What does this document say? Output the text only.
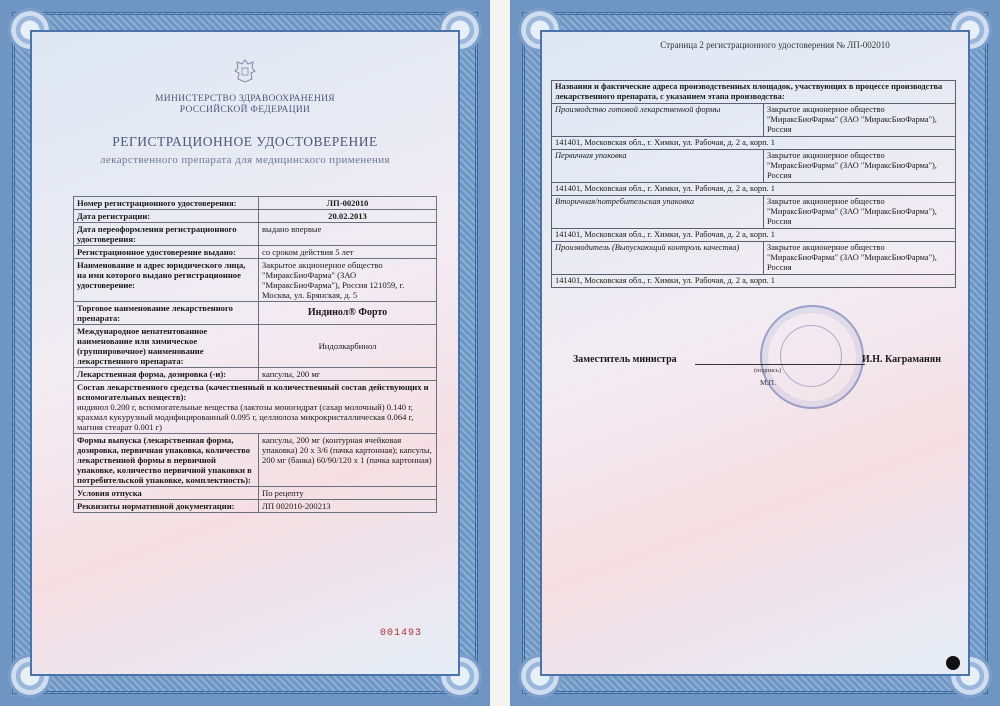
МИНИСТЕРСТВО ЗДРАВООХРАНЕНИЯ
РОССИЙСКОЙ ФЕДЕРАЦИИ
РЕГИСТРАЦИОННОЕ УДОСТОВЕРЕНИЕ
лекарственного препарата для медицинского применения
Номер регистрационного удостоверения:	ЛП-002010
Дата регистрации:	20.02.2013
Дата переоформления регистрационного удостоверения:	выдано впервые
Регистрационное удостоверение выдано:	со сроком действия 5 лет
Наименование и адрес юридического лица, на имя которого выдано регистрационное удостоверение:	Закрытое акционерное общество "МираксБиоФарма" (ЗАО "МираксБиоФарма"), Россия 121059, г. Москва, ул. Брянская, д. 5
Торговое наименование лекарственного препарата:	Индинол® Форто
Международное непатентованное наименование или химическое (группировочное) наименование лекарственного препарата:	Индолкарбинол
Лекарственная форма, дозировка (-и):	капсулы, 200 мг

Состав лекарственного средства (качественный и количественный состав действующих и вспомогательных веществ):
индинол 0.200 г, вспомогательные вещества (лактозы моногидрат (сахар молочный) 0.140 г, крахмал кукурузный модифицированный 0.095 г, целлюлоза микрокристаллическая 0.064 г, магния стеарат 0.001 г)	

Формы выпуска (лекарственная форма, дозировка, первичная упаковка, количество лекарственной формы в первичной упаковке, количество первичной упаковки в потребительской упаковке, комплектность):	капсулы, 200 мг (контурная ячейковая упаковка) 20 х 3/6 (пачка картонная); капсулы, 200 мг (банка) 60/90/120 х 1 (пачка картонная)
Условия отпуска	По рецепту
Реквизиты нормативной документации:	ЛП 002010-200213
001493
Страница 2 регистрационного удостоверения № ЛП-002010
Названия и фактические адреса производственных площадок, участвующих в процессе производства лекарственного препарата, с указанием этапа производства:	
Производство готовой лекарственной формы	Закрытое акционерное общество "МираксБиоФарма" (ЗАО "МираксБиоФарма"), Россия
141401, Московская обл., г. Химки, ул. Рабочая, д. 2 а, корп. 1	
Первичная упаковка	Закрытое акционерное общество "МираксБиоФарма" (ЗАО "МираксБиоФарма"), Россия
141401, Московская обл., г. Химки, ул. Рабочая, д. 2 а, корп. 1	
Вторичная/потребительская упаковка	Закрытое акционерное общество "МираксБиоФарма" (ЗАО "МираксБиоФарма"), Россия
141401, Московская обл., г. Химки, ул. Рабочая, д. 2 а, корп. 1	
Производитель (Выпускающий контроль качества)	Закрытое акционерное общество "МираксБиоФарма" (ЗАО "МираксБиоФарма"), Россия
141401, Московская обл., г. Химки, ул. Рабочая, д. 2 а, корп. 1	
Заместитель министра
(подпись)
М.П.
И.Н. Каграманян
